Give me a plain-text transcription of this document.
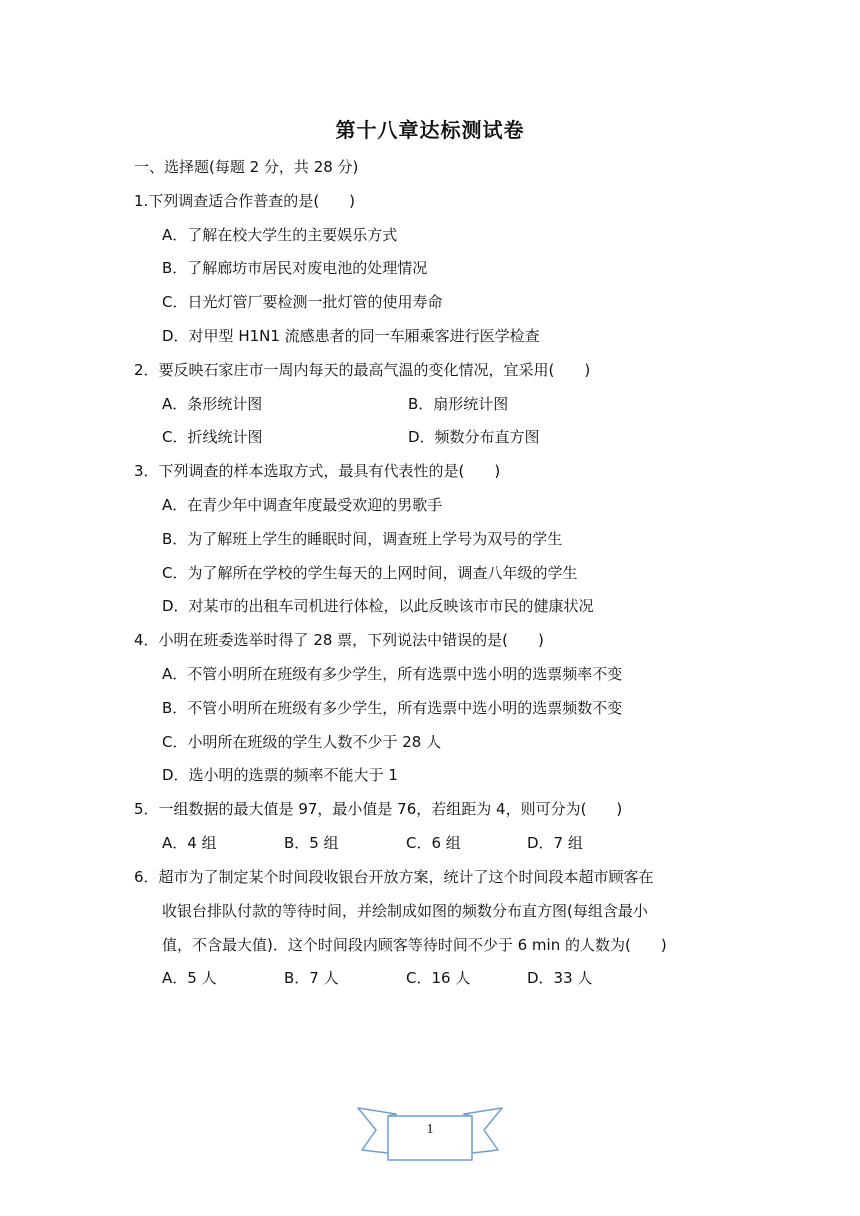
第十八章达标测试卷
一、选择题(每题 2 分，共 28 分)
1.下列调查适合作普查的是(　　)
A．了解在校大学生的主要娱乐方式
B．了解廊坊市居民对废电池的处理情况
C．日光灯管厂要检测一批灯管的使用寿命
D．对甲型 H1N1 流感患者的同一车厢乘客进行医学检查
2．要反映石家庄市一周内每天的最高气温的变化情况，宜采用(　　)
A．条形统计图	B．扇形统计图
C．折线统计图	D．频数分布直方图
3．下列调查的样本选取方式，最具有代表性的是(　　)
A．在青少年中调查年度最受欢迎的男歌手
B．为了解班上学生的睡眠时间，调查班上学号为双号的学生
C．为了解所在学校的学生每天的上网时间，调查八年级的学生
D．对某市的出租车司机进行体检，以此反映该市市民的健康状况
4．小明在班委选举时得了 28 票，下列说法中错误的是(　　)
A．不管小明所在班级有多少学生，所有选票中选小明的选票频率不变
B．不管小明所在班级有多少学生，所有选票中选小明的选票频数不变
C．小明所在班级的学生人数不少于 28 人
D．选小明的选票的频率不能大于 1
5．一组数据的最大值是 97，最小值是 76，若组距为 4，则可分为(　　)
A．4 组	B．5 组	C．6 组	D．7 组
6．超市为了制定某个时间段收银台开放方案，统计了这个时间段本超市顾客在
收银台排队付款的等待时间，并绘制成如图的频数分布直方图(每组含最小
值，不含最大值)．这个时间段内顾客等待时间不少于 6 min 的人数为(　　)
A．5 人	B．7 人	C．16 人	D．33 人
1
